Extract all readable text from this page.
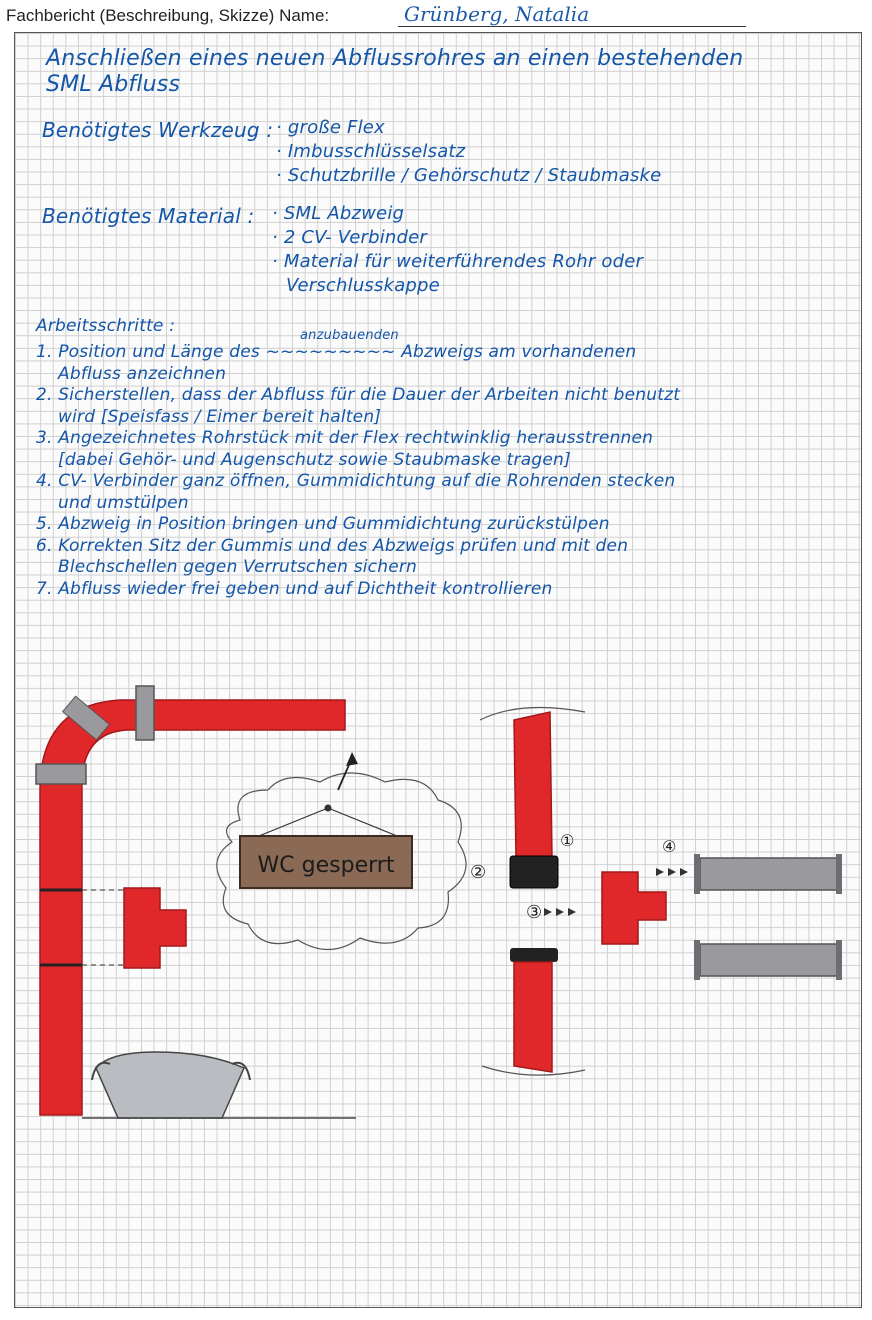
Fachbericht (Beschreibung, Skizze) Name:	Grünberg, Natalia
Anschließen eines neuen Abflussrohres an einen bestehenden
SML Abfluss
Benötigtes Werkzeug : · große Flex
· Imbusschlüsselsatz
· Schutzbrille / Gehörschutz / Staubmaske
Benötigtes Material : · SML Abzweig
· 2 CV- Verbinder
· Material für weiterführendes Rohr oder
Verschlusskappe
Arbeitsschritte :	anzubauenden
1. Position und Länge des ~~~~~~~~~ Abzweigs am vorhandenen
Abfluss anzeichnen
2. Sicherstellen, dass der Abfluss für die Dauer der Arbeiten nicht benutzt
wird [Speisfass / Eimer bereit halten]
3. Angezeichnetes Rohrstück mit der Flex rechtwinklig herausstrennen
[dabei Gehör- und Augenschutz sowie Staubmaske tragen]
4. CV- Verbinder ganz öffnen, Gummidichtung auf die Rohrenden stecken
und umstülpen
5. Abzweig in Position bringen und Gummidichtung zurückstülpen
6. Korrekten Sitz der Gummis und des Abzweigs prüfen und mit den
Blechschellen gegen Verrutschen sichern
7. Abfluss wieder frei geben und auf Dichtheit kontrollieren
WC gesperrt
①
②
③
④
